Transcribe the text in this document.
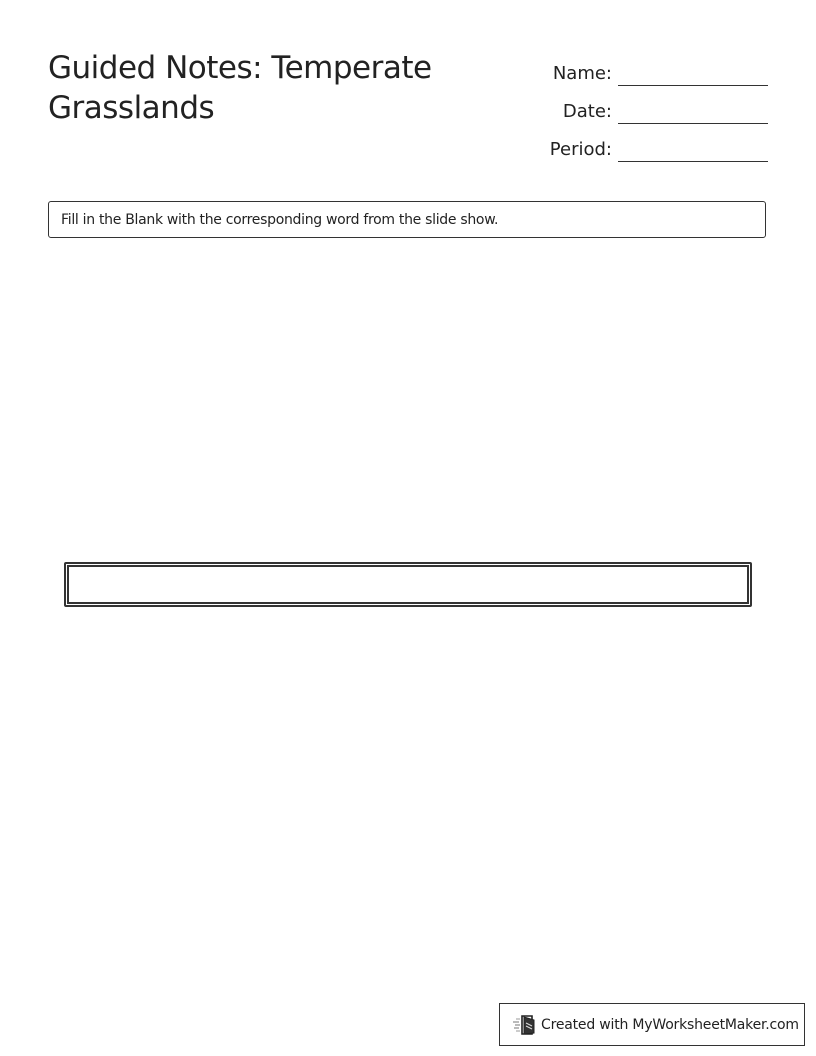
Guided Notes: Temperate Grasslands
Name:
Date:
Period:
Fill in the Blank with the corresponding word from the slide show.
Created with MyWorksheetMaker.com
